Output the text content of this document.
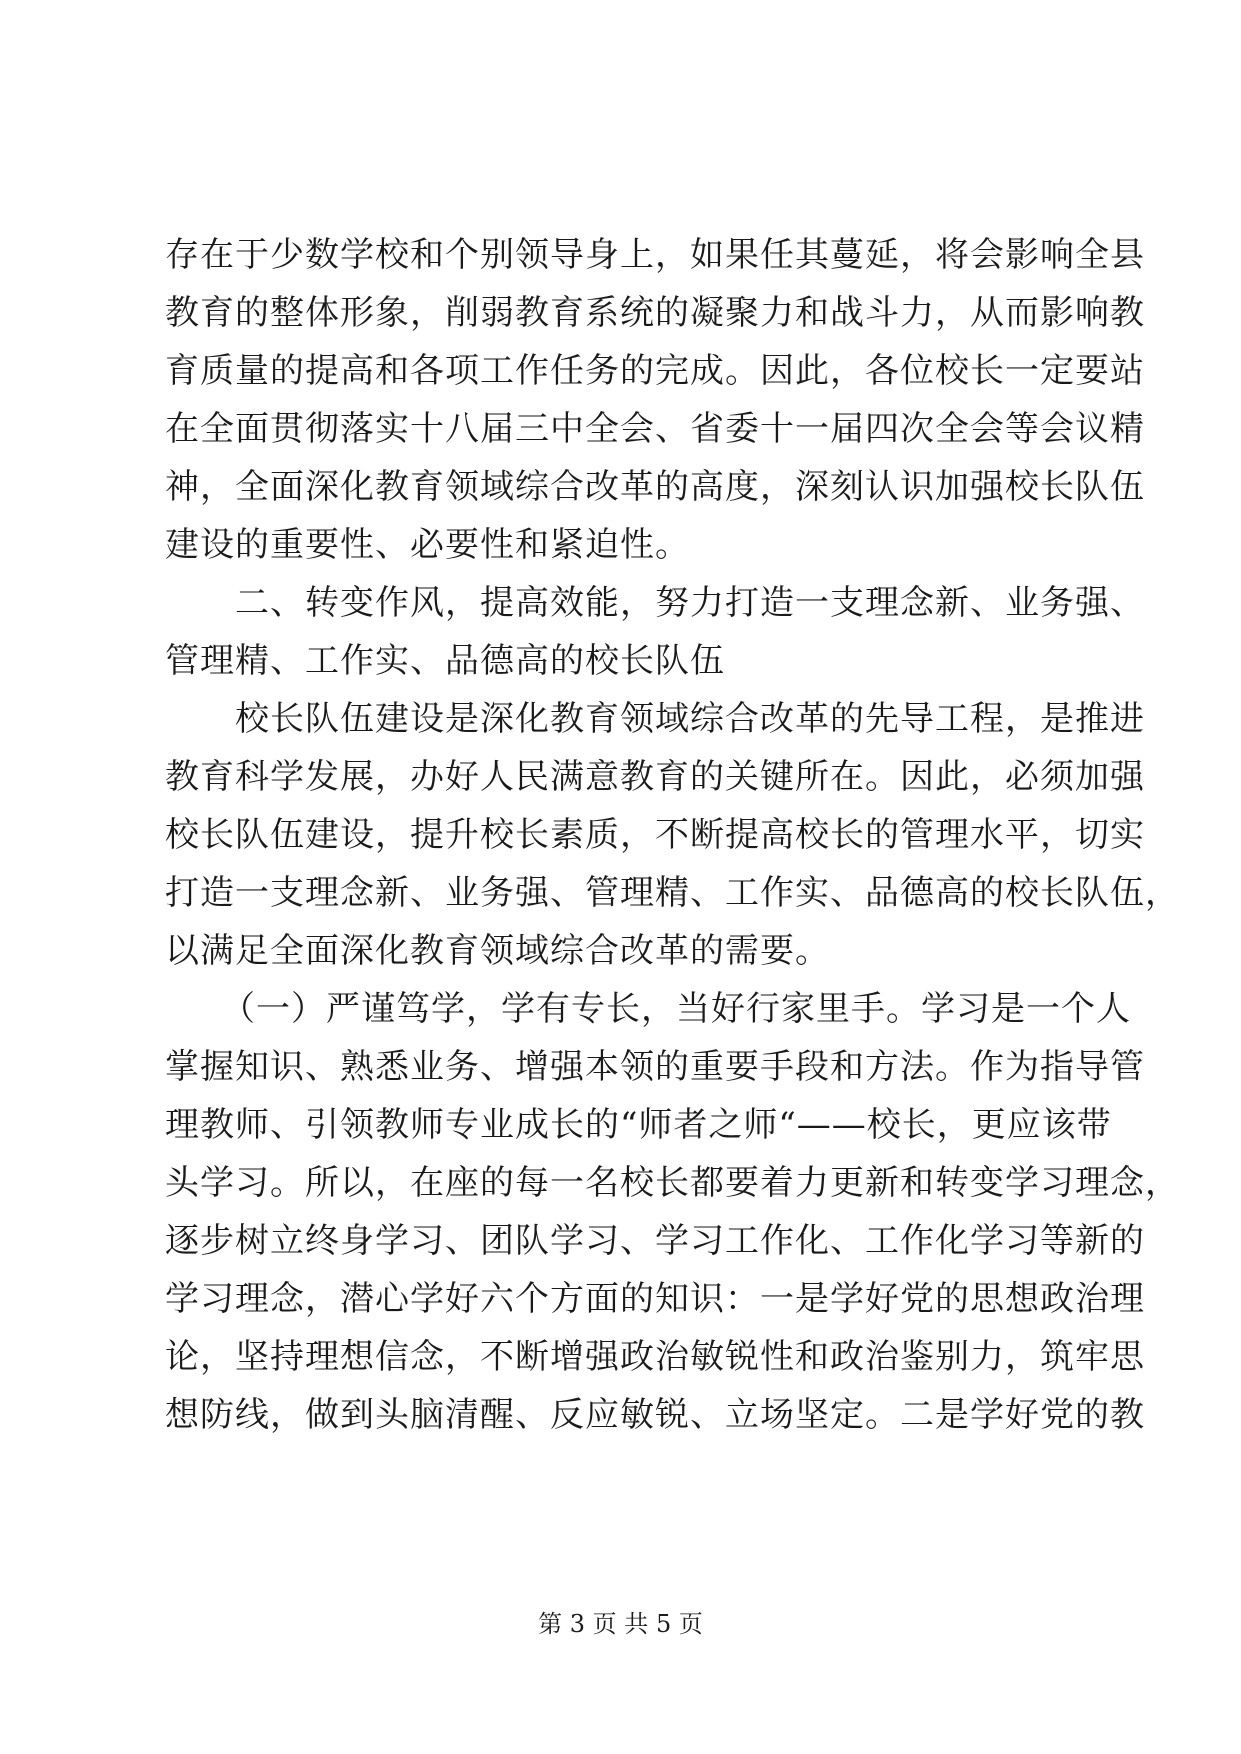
存在于少数学校和个别领导身上，如果任其蔓延，将会影响全县
教育的整体形象，削弱教育系统的凝聚力和战斗力，从而影响教
育质量的提高和各项工作任务的完成。因此，各位校长一定要站
在全面贯彻落实十八届三中全会、省委十一届四次全会等会议精
神，全面深化教育领域综合改革的高度，深刻认识加强校长队伍
建设的重要性、必要性和紧迫性。
二、转变作风，提高效能，努力打造一支理念新、业务强、
管理精、工作实、品德高的校长队伍
校长队伍建设是深化教育领域综合改革的先导工程，是推进
教育科学发展，办好人民满意教育的关键所在。因此，必须加强
校长队伍建设，提升校长素质，不断提高校长的管理水平，切实
打造一支理念新、业务强、管理精、工作实、品德高的校长队伍，
以满足全面深化教育领域综合改革的需要。
（一）严谨笃学，学有专长，当好行家里手。学习是一个人
掌握知识、熟悉业务、增强本领的重要手段和方法。作为指导管
理教师、引领教师专业成长的“师者之师“——校长，更应该带
头学习。所以，在座的每一名校长都要着力更新和转变学习理念，
逐步树立终身学习、团队学习、学习工作化、工作化学习等新的
学习理念，潜心学好六个方面的知识：一是学好党的思想政治理
论，坚持理想信念，不断增强政治敏锐性和政治鉴别力，筑牢思
想防线，做到头脑清醒、反应敏锐、立场坚定。二是学好党的教
第 3 页 共 5 页
